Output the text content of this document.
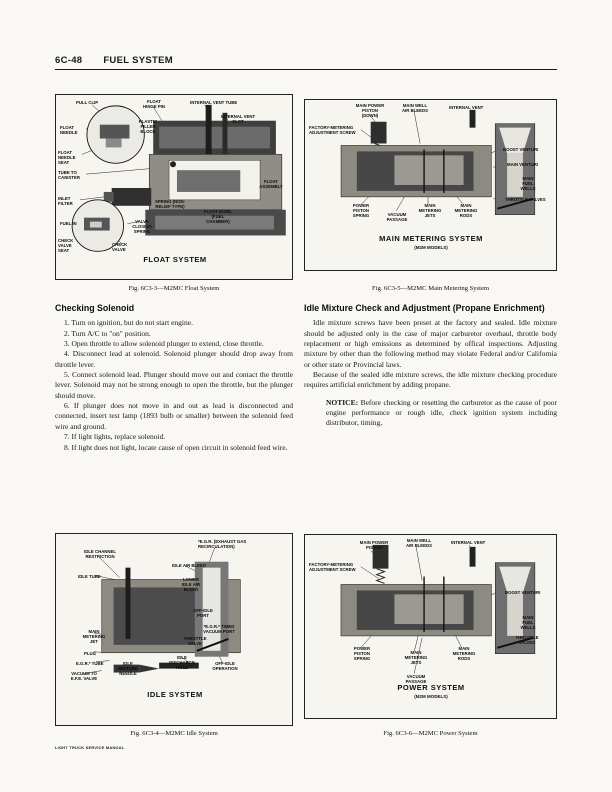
6C-48 FUEL SYSTEM
PULL CLIP	FLOAT HINGE PIN
INTERNAL VENT TUBE
INTERNAL VENT SLOT
FLOAT NEEDLE
PLASTIC FILLER BLOCK
FLOAT NEEDLE SEAT
TUBE TO CANISTER
FLOAT ASSEMBLY
INLET FILTER	SPRING (NON-RELIEF TYPE)
FLOAT BOWL (FUEL CHAMBER)
FUEL IN	VALVE CLOSING SPRING
CHECK VALVE SEAT
CHECK VALVE
FLOAT SYSTEM
Fig. 6C3-3—M2MC Float System
MAIN POWER PISTON (DOWN)
MAIN WELL AIR BLEEDS
INTERNAL VENT
FACTORY-METERING ADJUSTMENT SCREW
BOOST VENTURI
MAIN VENTURI
MAIN FUEL WELLS
THROTTLE VALVES
POWER PISTON SPRING	VACUUM PASSAGE
MAIN METERING JETS
MAIN METERING RODS
MAIN METERING SYSTEM
(M2M MODELS)
Fig. 6C3-5—M2MC Main Metering System
Checking Solenoid

1. Turn on ignition, but do not start engine.

2. Turn A/C to "on" position.

3. Open throttle to allow solenoid plunger to extend, close throttle.

4. Disconnect lead at solenoid. Solenoid plunger should drop away from throttle lever.

5. Connect solenoid lead. Plunger should move out and contact the throttle lever. Solenoid may not be strong enough to open the throttle, but the plunger should move.

6. If plunger does not move in and out as lead is disconnected and connected, insert test lamp (1893 bulb or smaller) between the solenoid feed wire and ground.

7. If light lights, replace solenoid.

8. If light does not light, locate cause of open circuit in solenoid feed wire.

Idle Mixture Check and Adjustment (Propane Enrichment)

Idle mixture screws have been preset at the factory and sealed. Idle mixture should be adjusted only in the case of major carburetor overhaul, throttle body replacement or high emissions as determined by offical inspections. Adjusting mixture by other than the following method may violate Federal and/or California or other state or Provincial laws.

Because of the sealed idle mixture screws, the idle mixture checking procedure requires artificial enrichment by adding propane.

NOTICE: Before checking or resetting the carburetor as the cause of poor engine performance or rough idle, check ignition system including distributor, timing,

*E.G.R. (EXHAUST GAS RECIRCULATION)
IDLE CHANNEL RESTRICTION
IDLE TUBE
IDLE AIR BLEED
LOWER IDLE AIR BLEED
OFF-IDLE PORT
*E.G.R.* TIMED VACUUM PORT
MAIN METERING JET
THROTTLE VALVE
PLUG
E.G.R.* TUBE
VACUUM TO E.F.E. VALVE
IDLE MIXTURE NEEDLE
IDLE DISCHARGE HOLE
OFF-IDLE OPERATION
IDLE SYSTEM
Fig. 6C3-4—M2MC Idle System
MAIN POWER PISTON
MAIN WELL AIR BLEEDS
INTERNAL VENT
FACTORY-METERING ADJUSTMENT SCREW
BOOST VENTURI
MAIN FUEL WELLS
THROTTLE VALVES
POWER PISTON SPRING
MAIN METERING JETS
VACUUM PASSAGE
MAIN METERING RODS
POWER SYSTEM
(M2M MODELS)
Fig. 6C3-6—M2MC Power System
LIGHT TRUCK SERVICE MANUAL
